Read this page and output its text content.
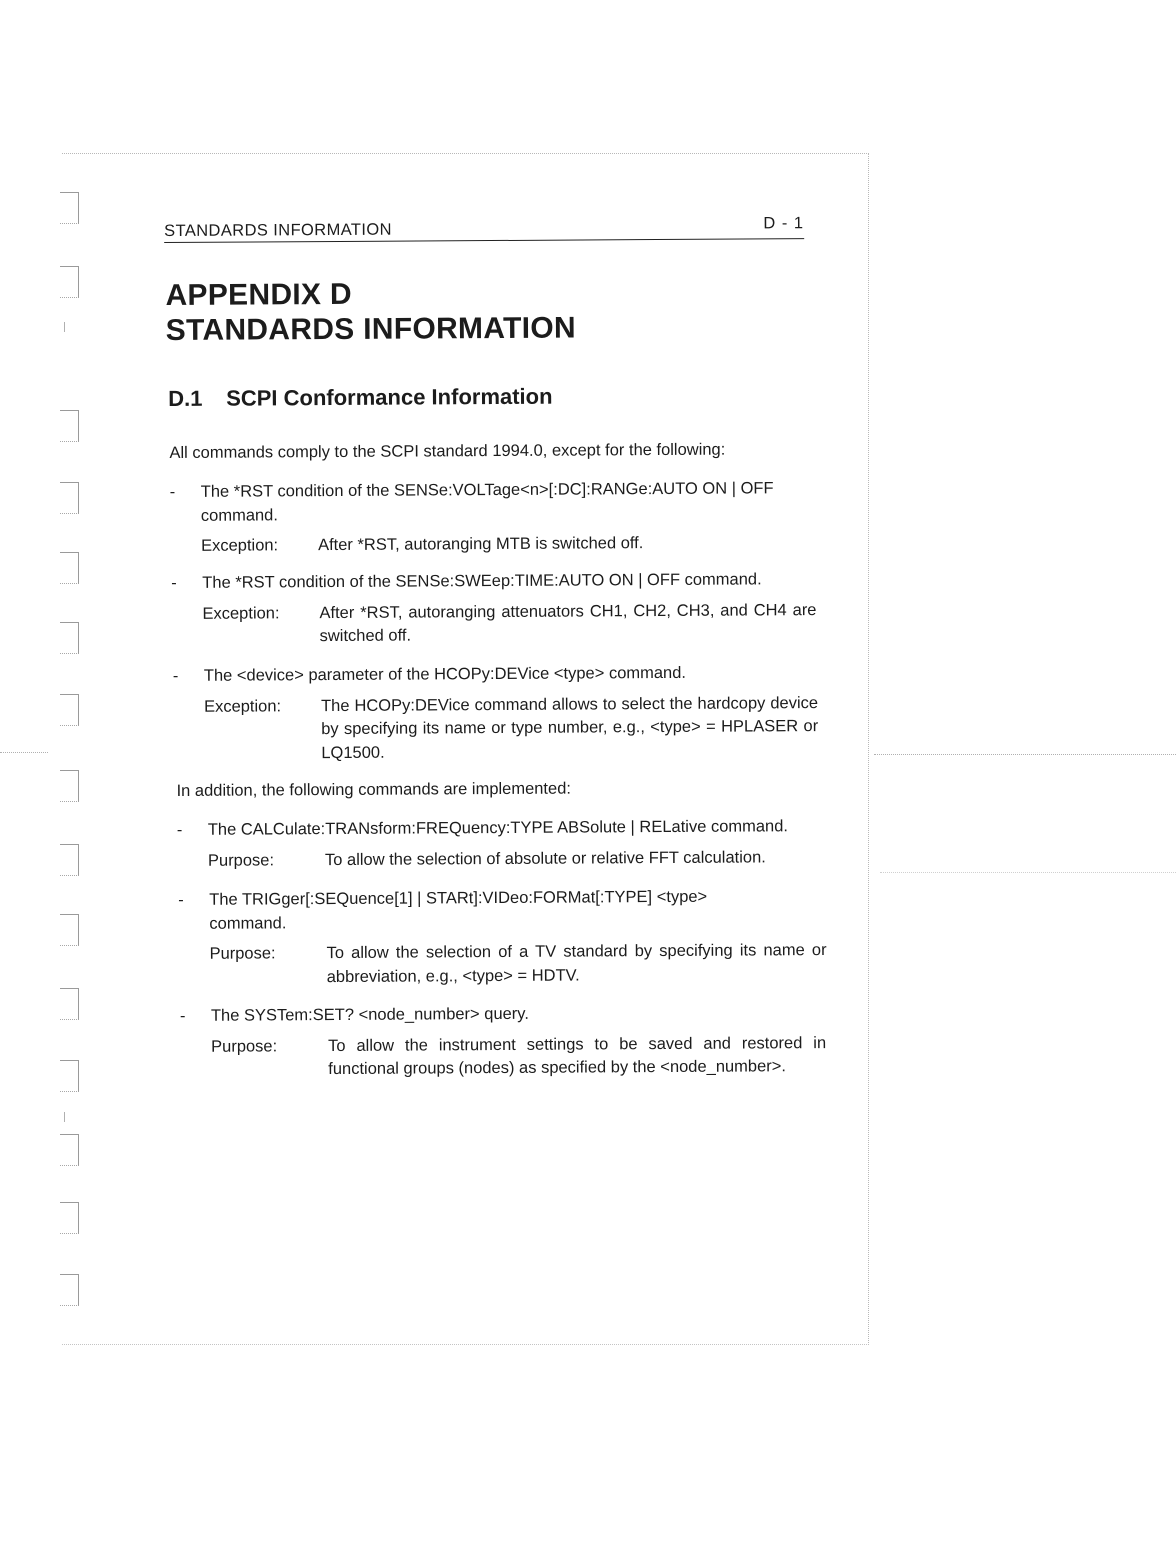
STANDARDS INFORMATION	D - 1
APPENDIX D
STANDARDS INFORMATION
D.1 SCPI Conformance Information
All commands comply to the SCPI standard 1994.0, except for the following:
- The *RST condition of the SENSe:VOLTage<n>[:DC]:RANGe:AUTO ON | OFF command.
Exception: After *RST, autoranging MTB is switched off.
- The *RST condition of the SENSe:SWEep:TIME:AUTO ON | OFF command.
Exception: After *RST, autoranging attenuators CH1, CH2, CH3, and CH4 are switched off.
- The <device> parameter of the HCOPy:DEVice <type> command.
Exception: The HCOPy:DEVice command allows to select the hardcopy device by specifying its name or type number, e.g., <type> = HPLASER or LQ1500.
In addition, the following commands are implemented:
- The CALCulate:TRANsform:FREQuency:TYPE ABSolute | RELative command.
Purpose:	To allow the selection of absolute or relative FFT calculation.
- The TRIGger[:SEQuence[1] | STARt]:VIDeo:FORMat[:TYPE] <type> command.
Purpose:	To allow the selection of a TV standard by specifying its name or abbreviation, e.g., <type> = HDTV.
- The SYSTem:SET? <node_number> query.
Purpose:	To allow the instrument settings to be saved and restored in functional groups (nodes) as specified by the <node_number>.
